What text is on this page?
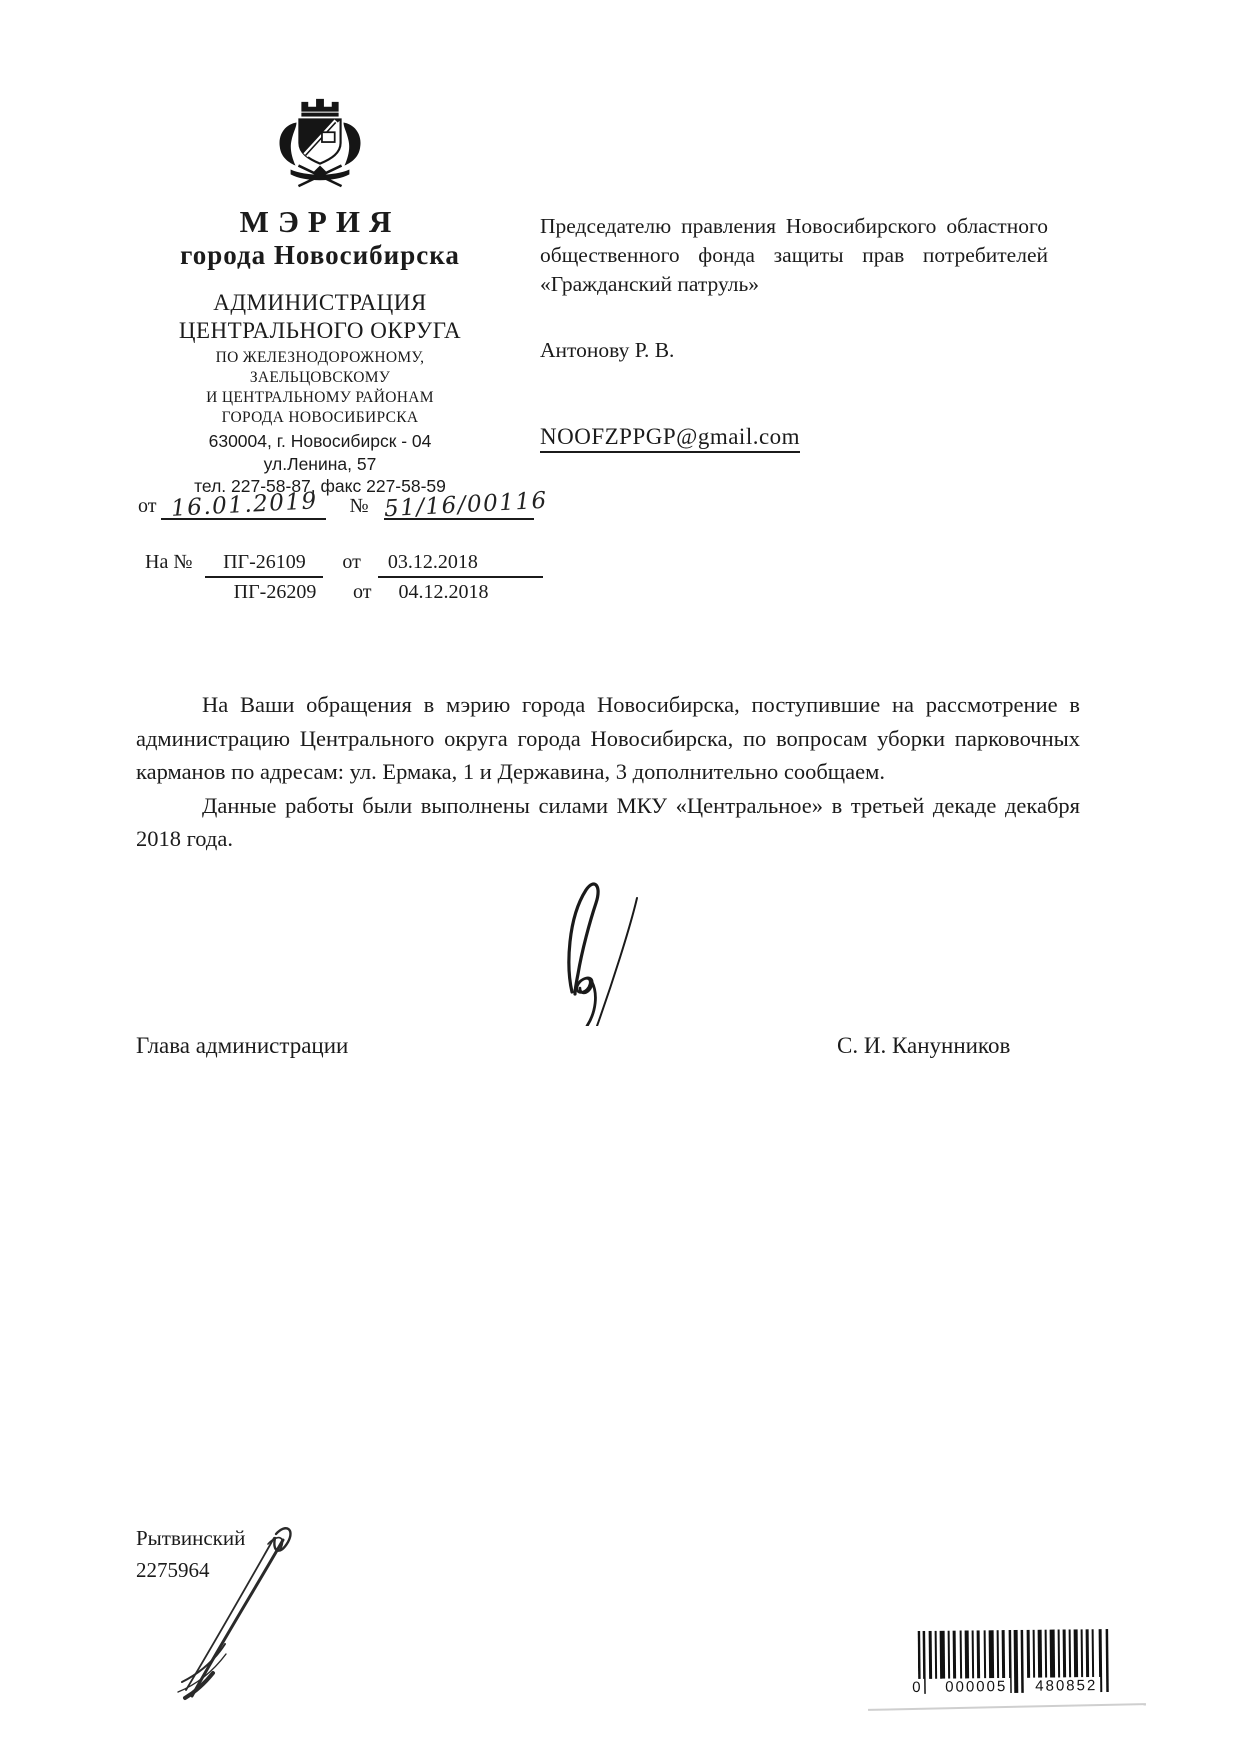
МЭРИЯ
города Новосибирска
АДМИНИСТРАЦИЯ
ЦЕНТРАЛЬНОГО ОКРУГА
ПО ЖЕЛЕЗНОДОРОЖНОМУ,
ЗАЕЛЬЦОВСКОМУ
И ЦЕНТРАЛЬНОМУ РАЙОНАМ
ГОРОДА НОВОСИБИРСКА
630004, г. Новосибирск - 04
ул.Ленина, 57
тел. 227-58-87, факс 227-58-59
от 16.01.2019 № 51/16/00116
На № ПГ-26109 от 03.12.2018
ПГ-26209 от 04.12.2018
Председателю правления Новосибирского областного общественного фонда защиты прав потребителей «Гражданский патруль»
Антонову Р. В.
NOOFZPPGP@gmail.com

На Ваши обращения в мэрию города Новосибирска, поступившие на рассмотрение в администрацию Центрального округа города Новосибирска, по вопросам уборки парковочных карманов по адресам: ул. Ермака, 1 и Державина, 3 дополнительно сообщаем.

Данные работы были выполнены силами МКУ «Центральное» в третьей декаде декабря 2018 года.

Глава администрации	С. И. Канунников
Рытвинский
2275964
0 000005 480852
